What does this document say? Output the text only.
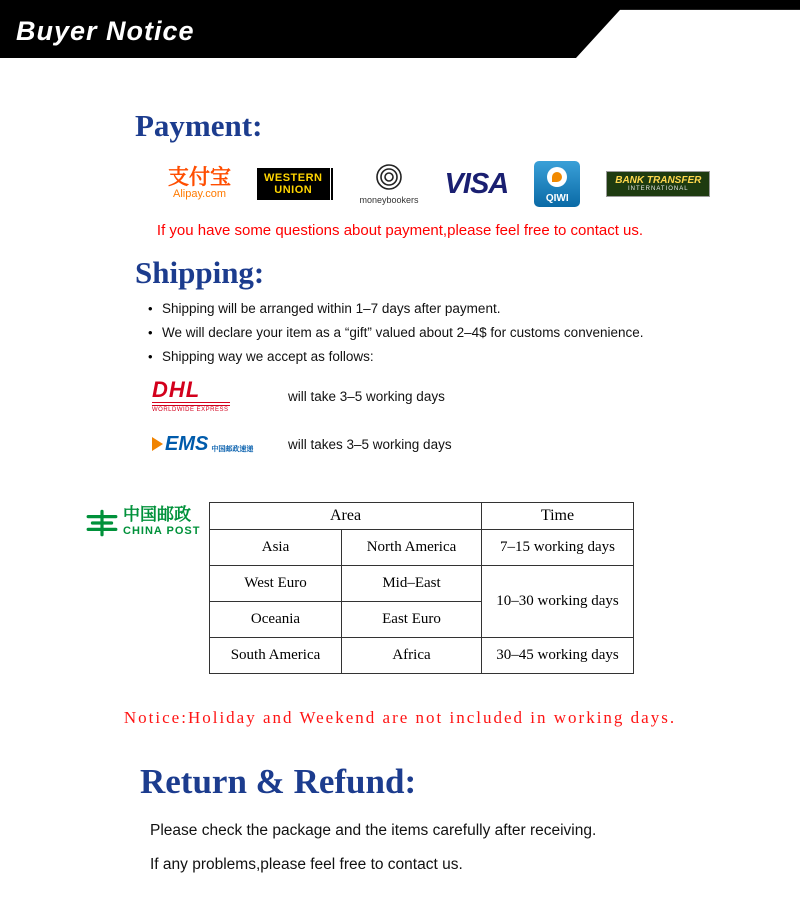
Buyer Notice
Payment:
支付宝
Alipay.com
WESTERN
UNION
moneybookers VISA	QIWI
BANK TRANSFER
INTERNATIONAL
If you have some questions about payment,please feel free to contact us.
Shipping:
• Shipping will be arranged within 1–7 days after payment.
• We will declare your item as a “gift” valued about 2–4$ for customs convenience.
• Shipping way we accept as follows:
DHL
WORLDWIDE EXPRESS
will take 3–5 working days
EMS 中国邮政速递	will takes 3–5 working days
中国邮政
CHINA POST
Area		Time
Asia	North America	7–15 working days
West Euro	Mid–East	10–30 working days
Oceania	East Euro	
South America	Africa	30–45 working days
Notice:Holiday and Weekend are not included in working days.
Return & Refund:

Please check the package and the items carefully after receiving.

If any problems,please feel free to contact us.
